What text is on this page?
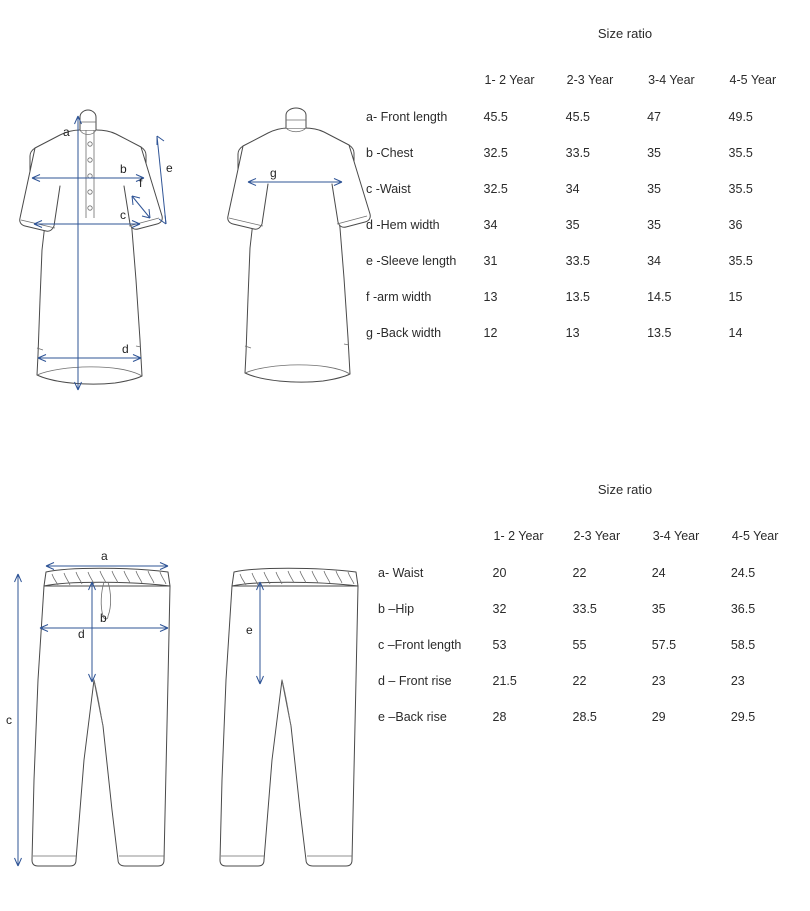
Size ratio
a
b
c
d
e
f
g
	1- 2 Year	2-3 Year	3-4 Year	4-5 Year
a- Front length	45.5	45.5	47	49.5
b -Chest	32.5	33.5	35	35.5
c -Waist	32.5	34	35	35.5
d -Hem width	34	35	35	36
e -Sleeve length	31	33.5	34	35.5
f -arm width	13	13.5	14.5	15
g -Back width	12	13	13.5	14
Size ratio
a
b
c
d	e
	1- 2 Year	2-3 Year	3-4 Year	4-5 Year
a- Waist	20	22	24	24.5
b –Hip	32	33.5	35	36.5
c –Front length	53	55	57.5	58.5
d – Front rise	21.5	22	23	23
e –Back rise	28	28.5	29	29.5
